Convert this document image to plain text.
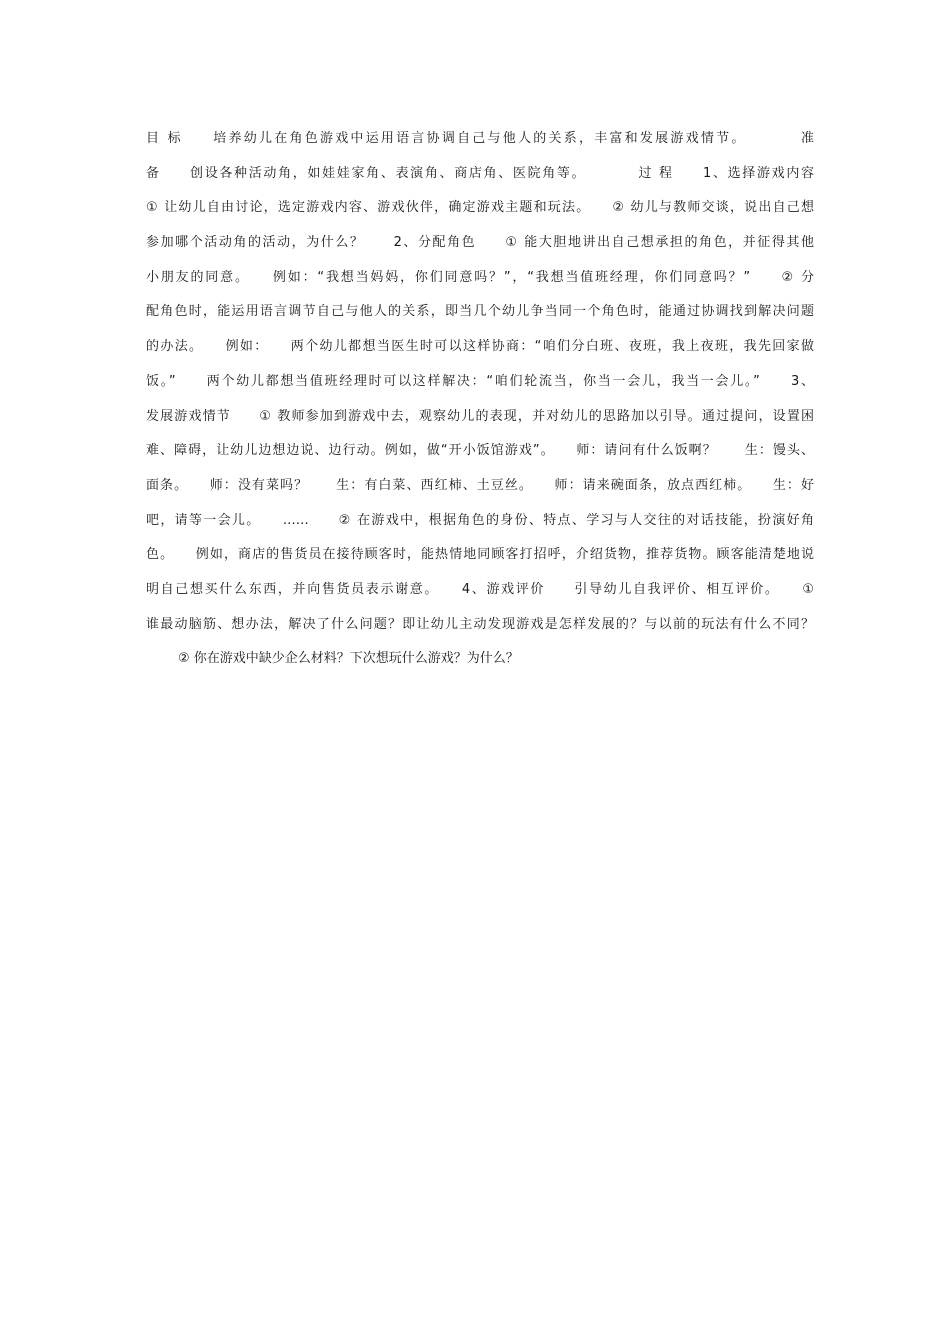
目 标　　培养幼儿在角色游戏中运用语言协调自己与他人的关系，丰富和发展游戏情节。　　　　准
备　　创设各种活动角，如娃娃家角、表演角、商店角、医院角等。　　　　过 程　　1、选择游戏内容
① 让幼儿自由讨论，选定游戏内容、游戏伙伴，确定游戏主题和玩法。　　② 幼儿与教师交谈，说出自己想
参加哪个活动角的活动，为什么？　　2、分配角色　　① 能大胆地讲出自己想承担的角色，并征得其他
小朋友的同意。　　例如：“我想当妈妈，你们同意吗？”，“我想当值班经理，你们同意吗？”　　② 分
配角色时，能运用语言调节自己与他人的关系，即当几个幼儿争当同一个角色时，能通过协调找到解决问题
的办法。　　例如：　　两个幼儿都想当医生时可以这样协商：“咱们分白班、夜班，我上夜班，我先回家做
饭。”　　两个幼儿都想当值班经理时可以这样解决：“咱们轮流当，你当一会儿，我当一会儿。”　　3、
发展游戏情节　　① 教师参加到游戏中去，观察幼儿的表现，并对幼儿的思路加以引导。通过提问，设置困
难、障碍，让幼儿边想边说、边行动。例如，做“开小饭馆游戏”。　　师：请问有什么饭啊？　　生：馒头、
面条。　　师：没有菜吗？　　生：有白菜、西红柿、土豆丝。　　师：请来碗面条，放点西红柿。　　生：好
吧，请等一会儿。　　……　　② 在游戏中，根据角色的身份、特点、学习与人交往的对话技能，扮演好角
色。　　例如，商店的售货员在接待顾客时，能热情地同顾客打招呼，介绍货物，推荐货物。顾客能清楚地说
明自己想买什么东西，并向售货员表示谢意。　　4、游戏评价　　引导幼儿自我评价、相互评价。　　①
谁最动脑筋、想办法，解决了什么问题？即让幼儿主动发现游戏是怎样发展的？与以前的玩法有什么不同？
② 你在游戏中缺少企么材料？下次想玩什么游戏？为什么？
